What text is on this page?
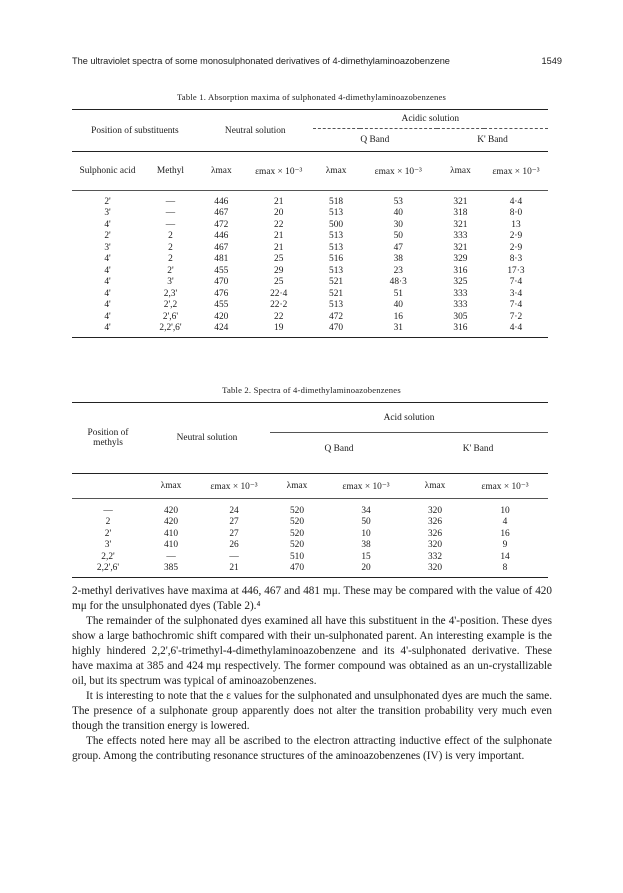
The ultraviolet spectra of some monosulphonated derivatives of 4-dimethylaminoazobenzene	1549
Table 1. Absorption maxima of sulphonated 4-dimethylaminoazobenzenes
Position of substituents		Neutral solution		Acidic solution			
				Q Band		K' Band	
Sulphonic acid	Methyl	λmax	εmax × 10⁻³	λmax	εmax × 10⁻³	λmax	εmax × 10⁻³
2'	—	446	21	518	53	321	4·4
3'	—	467	20	513	40	318	8·0
4'	—	472	22	500	30	321	13
2'	2	446	21	513	50	333	2·9
3'	2	467	21	513	47	321	2·9
4'	2	481	25	516	38	329	8·3
4'	2'	455	29	513	23	316	17·3
4'	3'	470	25	521	48·3	325	7·4
4'	2,3'	476	22·4	521	51	333	3·4
4'	2',2	455	22·2	513	40	333	7·4
4'	2',6'	420	22	472	16	305	7·2
4'	2,2',6'	424	19	470	31	316	4·4
Table 2. Spectra of 4-dimethylaminoazobenzenes
Position of methyls	Neutral solution		Acid solution			
			Q Band		K' Band	

	λmax	εmax × 10⁻³	λmax	εmax × 10⁻³	λmax	εmax × 10⁻³
—	420	24	520	34	320	10
2	420	27	520	50	326	4
2'	410	27	520	10	326	16
3'	410	26	520	38	320	9
2,2'	—	—	510	15	332	14
2,2',6'	385	21	470	20	320	8

2-methyl derivatives have maxima at 446, 467 and 481 mμ. These may be compared with the value of 420 mμ for the unsulphonated dyes (Table 2).⁴

The remainder of the sulphonated dyes examined all have this substituent in the 4'-position. These dyes show a large bathochromic shift compared with their un-sulphonated parent. An interesting example is the highly hindered 2,2',6'-trimethyl-4-dimethylaminoazobenzene and its 4'-sulphonated derivative. These have maxima at 385 and 424 mμ respectively. The former compound was obtained as an un-crystallizable oil, but its spectrum was typical of aminoazobenzenes.

It is interesting to note that the ε values for the sulphonated and unsulphonated dyes are much the same. The presence of a sulphonate group apparently does not alter the transition probability very much even though the transition energy is lowered.

The effects noted here may all be ascribed to the electron attracting inductive effect of the sulphonate group. Among the contributing resonance structures of the aminoazobenzenes (IV) is very important.
